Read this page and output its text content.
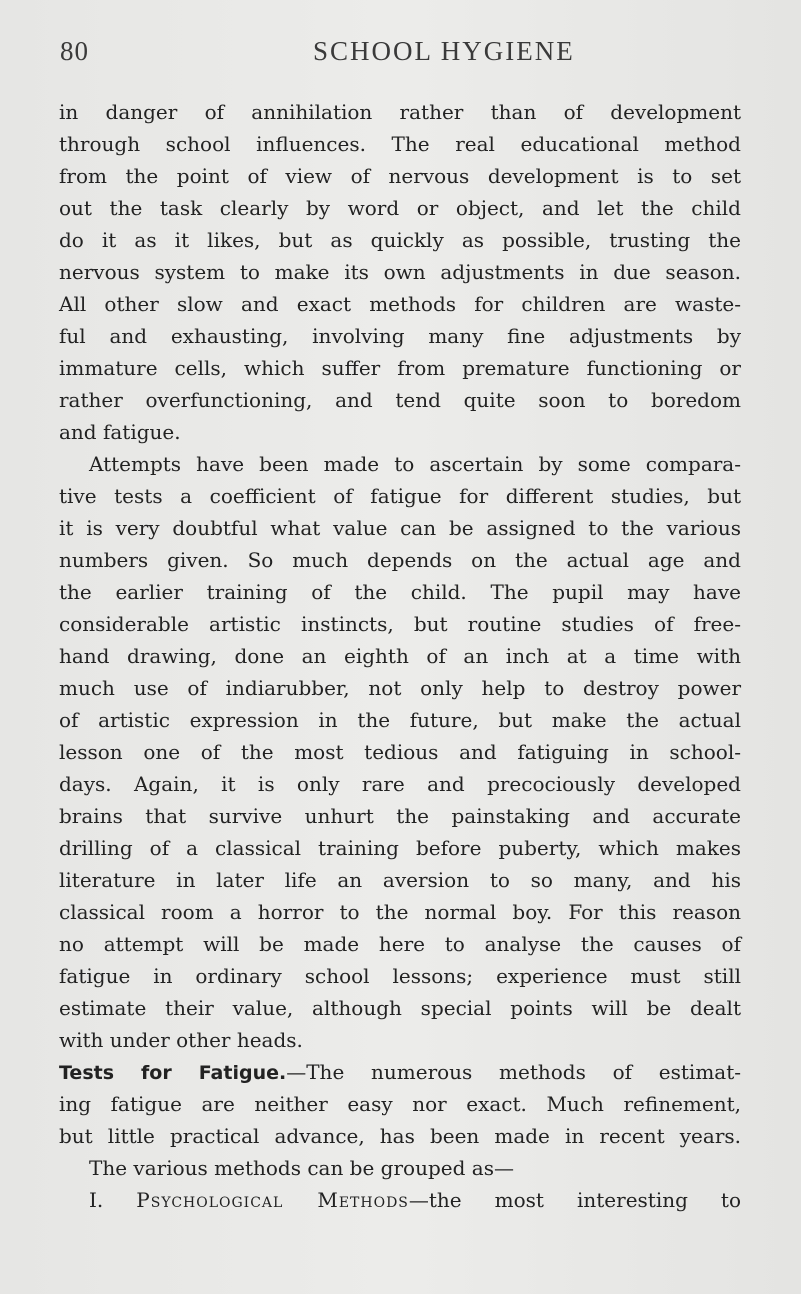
80	SCHOOL HYGIENE
in danger of annihilation rather than of development
through school influences. The real educational method
from the point of view of nervous development is to set
out the task clearly by word or object, and let the child
do it as it likes, but as quickly as possible, trusting the
nervous system to make its own adjustments in due season.
All other slow and exact methods for children are waste-
ful and exhausting, involving many fine adjustments by
immature cells, which suffer from premature functioning or
rather overfunctioning, and tend quite soon to boredom
and fatigue.
Attempts have been made to ascertain by some compara-
tive tests a coefficient of fatigue for different studies, but
it is very doubtful what value can be assigned to the various
numbers given. So much depends on the actual age and
the earlier training of the child. The pupil may have
considerable artistic instincts, but routine studies of free-
hand drawing, done an eighth of an inch at a time with
much use of indiarubber, not only help to destroy power
of artistic expression in the future, but make the actual
lesson one of the most tedious and fatiguing in school-
days. Again, it is only rare and precociously developed
brains that survive unhurt the painstaking and accurate
drilling of a classical training before puberty, which makes
literature in later life an aversion to so many, and his
classical room a horror to the normal boy. For this reason
no attempt will be made here to analyse the causes of
fatigue in ordinary school lessons; experience must still
estimate their value, although special points will be dealt
with under other heads.
Tests for Fatigue.—The numerous methods of estimat-
ing fatigue are neither easy nor exact. Much refinement,
but little practical advance, has been made in recent years.
The various methods can be grouped as—
I. Psychological Methods—the most interesting to
